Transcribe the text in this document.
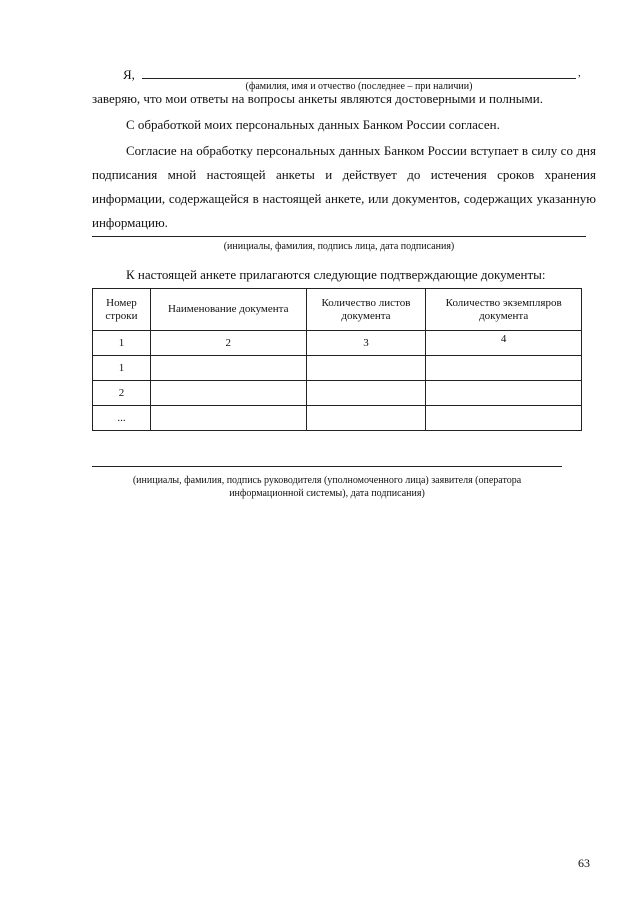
Я,	,
(фамилия, имя и отчество (последнее – при наличии)
заверяю, что мои ответы на вопросы анкеты являются достоверными и полными.
С обработкой моих персональных данных Банком России согласен.
Согласие на обработку персональных данных Банком России вступает в силу со дня
подписания мной настоящей анкеты и действует до истечения сроков хранения
информации, содержащейся в настоящей анкете, или документов, содержащих указанную
информацию.
(инициалы, фамилия, подпись лица, дата подписания)
К настоящей анкете прилагаются следующие подтверждающие документы:
Номер строки	Наименование документа	Количество листов документа	Количество экземпляров документа
1	2	3	4
1			
2			
...			
(инициалы, фамилия, подпись руководителя (уполномоченного лица) заявителя (оператора
информационной системы), дата подписания)
63
